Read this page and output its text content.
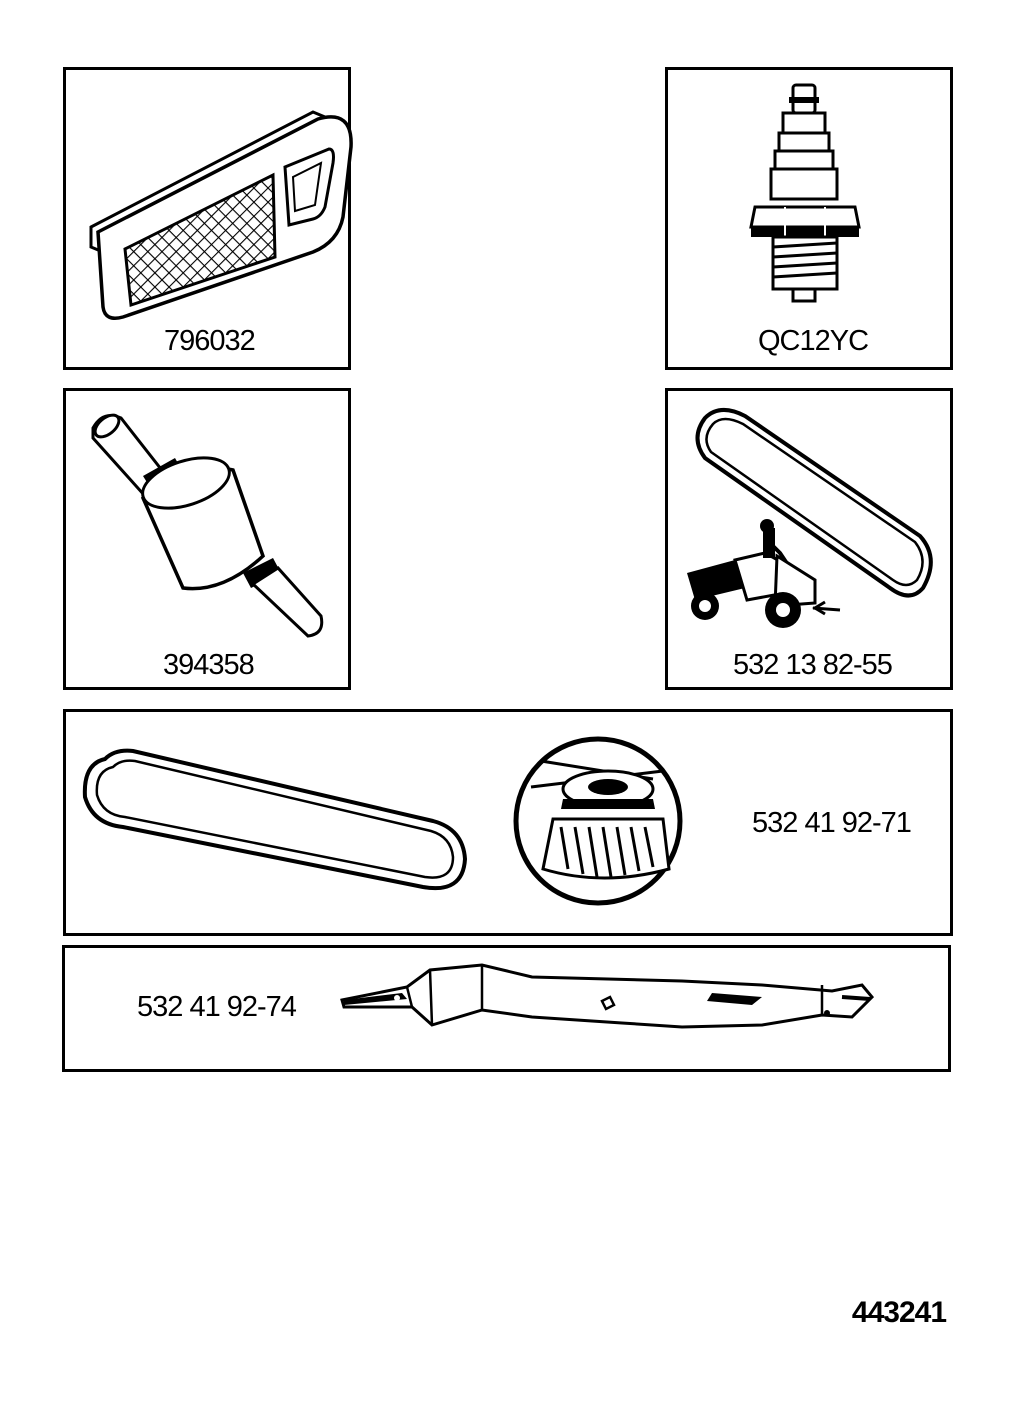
796032	QC12YC
394358	532 13 82-55
532 41 92-71
532 41 92-74
443241
